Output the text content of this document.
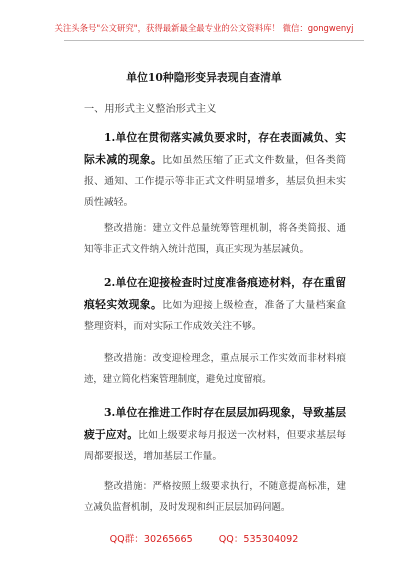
关注头条号"公文研究"，获得最新最全最专业的公文资料库！ 微信：gongwenyj
单位10种隐形变异表现自查清单
一、用形式主义整治形式主义
1.单位在贯彻落实减负要求时，存在表面减负、实际未减的现象。比如虽然压缩了正式文件数量，但各类简报、通知、工作提示等非正式文件明显增多，基层负担未实质性减轻。
整改措施：建立文件总量统筹管理机制，将各类简报、通知等非正式文件纳入统计范围，真正实现为基层减负。
2.单位在迎接检查时过度准备痕迹材料，存在重留痕轻实效现象。比如为迎接上级检查，准备了大量档案盒整理资料，而对实际工作成效关注不够。
整改措施：改变迎检理念，重点展示工作实效而非材料痕迹，建立简化档案管理制度，避免过度留痕。
3.单位在推进工作时存在层层加码现象，导致基层疲于应对。比如上级要求每月报送一次材料，但要求基层每周都要报送，增加基层工作量。
整改措施：严格按照上级要求执行，不随意提高标准，建立减负监督机制，及时发现和纠正层层加码问题。
QQ群：30265665	QQ：535304092
